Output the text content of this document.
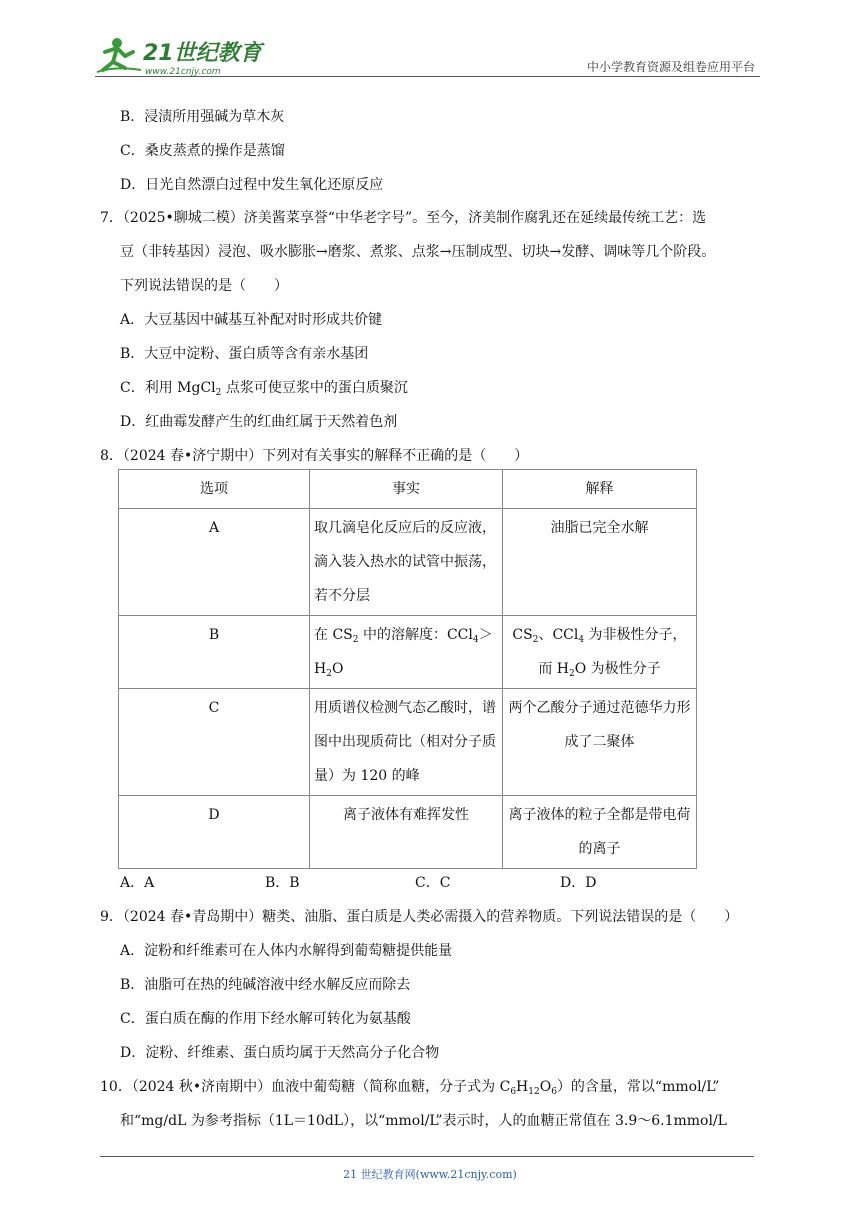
21世纪教育
www.21cnjy.com	中小学教育资源及组卷应用平台
B．浸渍所用强碱为草木灰
C．桑皮蒸煮的操作是蒸馏
D．日光自然漂白过程中发生氧化还原反应
7．（2025•聊城二模）济美酱菜享誉“中华老字号”。至今，济美制作腐乳还在延续最传统工艺：选
豆（非转基因）浸泡、吸水膨胀→磨浆、煮浆、点浆→压制成型、切块→发酵、调味等几个阶段。
下列说法错误的是（　　）
A．大豆基因中碱基互补配对时形成共价键
B．大豆中淀粉、蛋白质等含有亲水基团
C．利用 MgCl$_2$ 点浆可使豆浆中的蛋白质聚沉
D．红曲霉发酵产生的红曲红属于天然着色剂
8．（2024 春•济宁期中）下列对有关事实的解释不正确的是（　　）
选项	事实	解释
A	取几滴皂化反应后的反应液，滴入装入热水的试管中振荡，若不分层	油脂已完全水解
B	在 $CS_2$ 中的溶解度：$CCl_4>H_2O$	$CS_2$、CCl$_4$ 为非极性分子，而 $H_2O$ 为极性分子
C	用质谱仪检测气态乙酸时，谱图中出现质荷比（相对分子质量）为 120 的峰	两个乙酸分子通过范德华力形成了二聚体
D	离子液体有难挥发性	离子液体的粒子全都是带电荷的离子
A．A	B．B	C．C	D．D
9．（2024 春•青岛期中）糖类、油脂、蛋白质是人类必需摄入的营养物质。下列说法错误的是（　　）
A．淀粉和纤维素可在人体内水解得到葡萄糖提供能量
B．油脂可在热的纯碱溶液中经水解反应而除去
C．蛋白质在酶的作用下经水解可转化为氨基酸
D．淀粉、纤维素、蛋白质均属于天然高分子化合物
10．（2024 秋•济南期中）血液中葡萄糖（简称血糖，分子式为 $C_6H_{12}O_6$）的含量，常以“mmol/L”
和“mg/dL 为参考指标（1L＝10dL），以“mmol/L”表示时，人的血糖正常值在 3.9～6.1mmol/L
21 世纪教育网(www.21cnjy.com)
